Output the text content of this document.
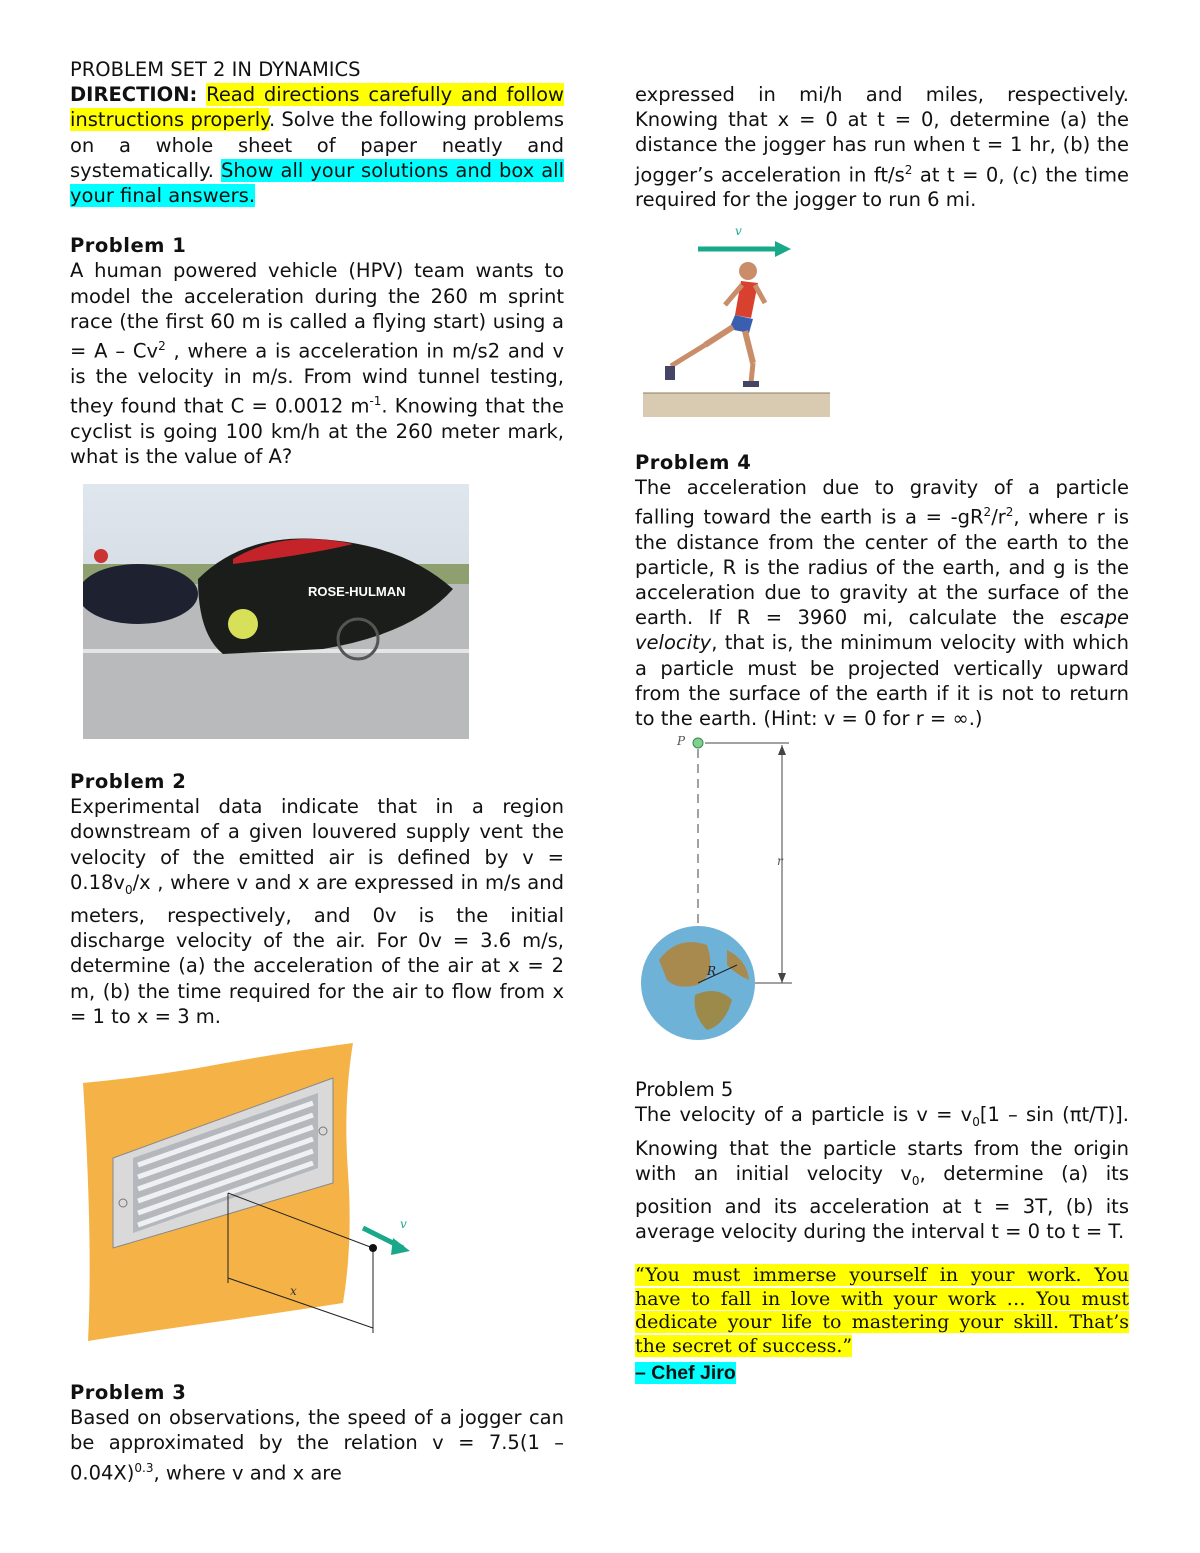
PROBLEM SET 2 IN DYNAMICS

DIRECTION: Read directions carefully and follow instructions properly. Solve the following problems on a whole sheet of paper neatly and systematically. Show all your solutions and box all your final answers.

Problem 1

A human powered vehicle (HPV) team wants to model the acceleration during the 260 m sprint race (the first 60 m is called a flying start) using a = A – Cv$^2$ , where a is acceleration in m/s2 and v is the velocity in m/s. From wind tunnel testing, they found that C = 0.0012 $m^{-1}$. Knowing that the cyclist is going 100 km/h at the 260 meter mark, what is the value of A?

ROSE-HULMAN

Problem 2

Experimental data indicate that in a region downstream of a given louvered supply vent the velocity of the emitted air is defined by $v = 0.18v_0/x$ , where v and x are expressed in m/s and meters, respectively, and 0v is the initial discharge velocity of the air. For 0v = 3.6 m/s, determine (a) the acceleration of the air at x = 2 m, (b) the time required for the air to flow from x = 1 to x = 3 m.

v
x

Problem 3

Based on observations, the speed of a jogger can be approximated by the relation v = 7.5(1 – 0.04X)$^{0.3}$, where v and x are

expressed in mi/h and miles, respectively. Knowing that x = 0 at t = 0, determine (a) the distance the jogger has run when t = 1 hr, (b) the jogger’s acceleration in $ft/s^2$ at t = 0, (c) the time required for the jogger to run 6 mi.

v

Problem 4

The acceleration due to gravity of a particle falling toward the earth is $a = -gR^2/r^2$, where r is the distance from the center of the earth to the particle, R is the radius of the earth, and g is the acceleration due to gravity at the surface of the earth. If R = 3960 mi, calculate the escape velocity, that is, the minimum velocity with which a particle must be projected vertically upward from the surface of the earth if it is not to return to the earth. (Hint: v = 0 for r = ∞.)

P
r
R

Problem 5

The velocity of a particle is $v = v_0[1 - \sin (\pi t/T)]$. Knowing that the particle starts from the origin with an initial velocity $v_0$, determine (a) its position and its acceleration at t = 3T, (b) its average velocity during the interval t = 0 to t = T.

“You must immerse yourself in your work. You have to fall in love with your work … You must dedicate your life to mastering your skill. That’s the secret of success.”

– Chef Jiro
